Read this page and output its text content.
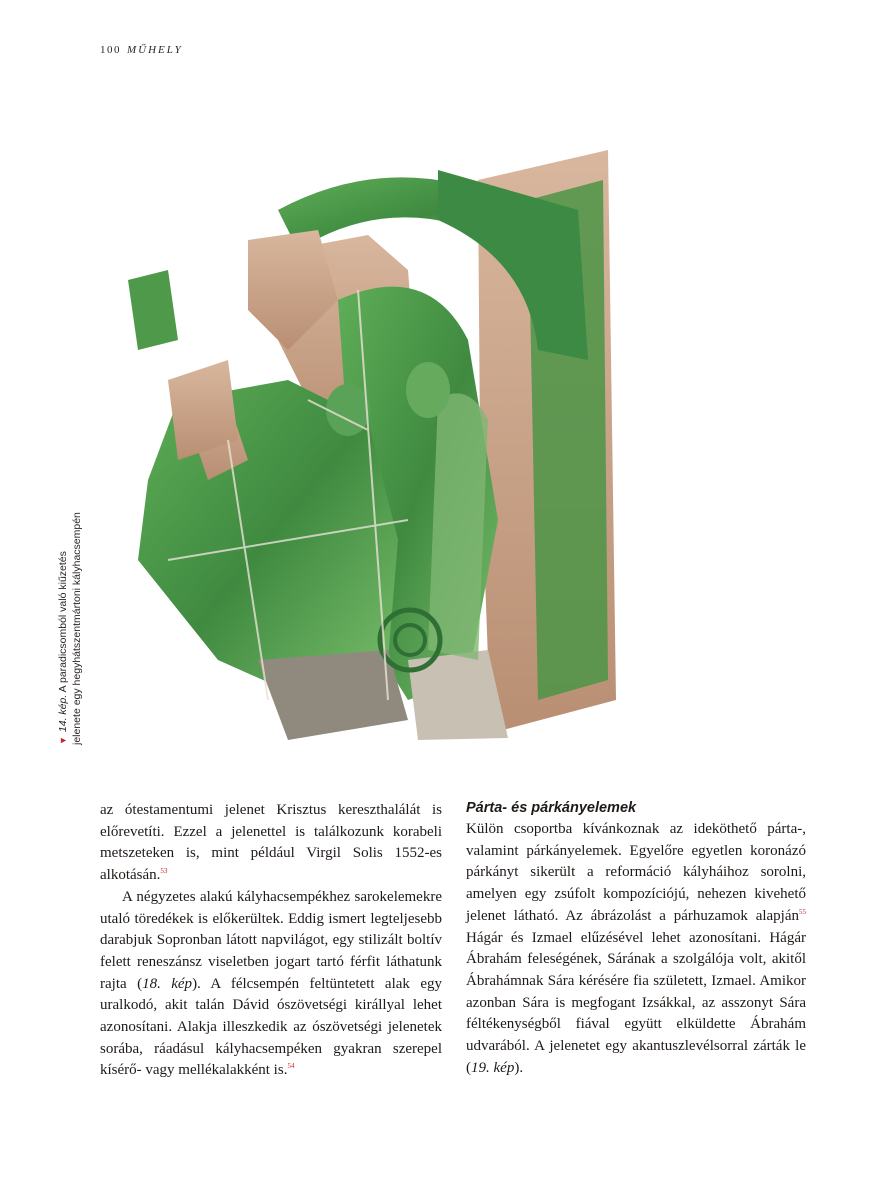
100 MŰHELY
▼14. kép. A paradicsomból való kiűzetés jelenete egy hegyhátszentmártoni kályhacsempén

az ótestamentumi jelenet Krisztus kereszthalálát is előrevetíti. Ezzel a jelenettel is találkozunk korabeli metszeteken is, mint például Virgil Solis 1552-es alkotásán.$^{53}$

A négyzetes alakú kályhacsempékhez sarokelemekre utaló töredékek is előkerültek. Eddig ismert legteljesebb darabjuk Sopronban látott napvilágot, egy stilizált boltív felett reneszánsz viseletben jogart tartó férfit láthatunk rajta (18. kép). A félcsempén feltüntetett alak egy uralkodó, akit talán Dávid ószövetségi királlyal lehet azonosítani. Alakja illeszkedik az ószövetségi jelenetek sorába, ráadásul kályhacsempéken gyakran szerepel kísérő- vagy mellékalakként is.$^{54}$

Párta- és párkányelemek

Külön csoportba kívánkoznak az ideköthető párta-, valamint párkányelemek. Egyelőre egyetlen koronázó párkányt sikerült a reformáció kályháihoz sorolni, amelyen egy zsúfolt kompozíciójú, nehezen kivehető jelenet látható. Az ábrázolást a párhuzamok alapján$^{55}$ Hágár és Izmael elűzésével lehet azonosítani. Hágár Ábrahám feleségének, Sárának a szolgálója volt, akitől Ábrahámnak Sára kérésére fia született, Izmael. Amikor azonban Sára is megfogant Izsákkal, az asszonyt Sára féltékenységből fiával együtt elküldette Ábrahám udvarából. A jelenetet egy akantuszlevélsorral zárták le (19. kép).
